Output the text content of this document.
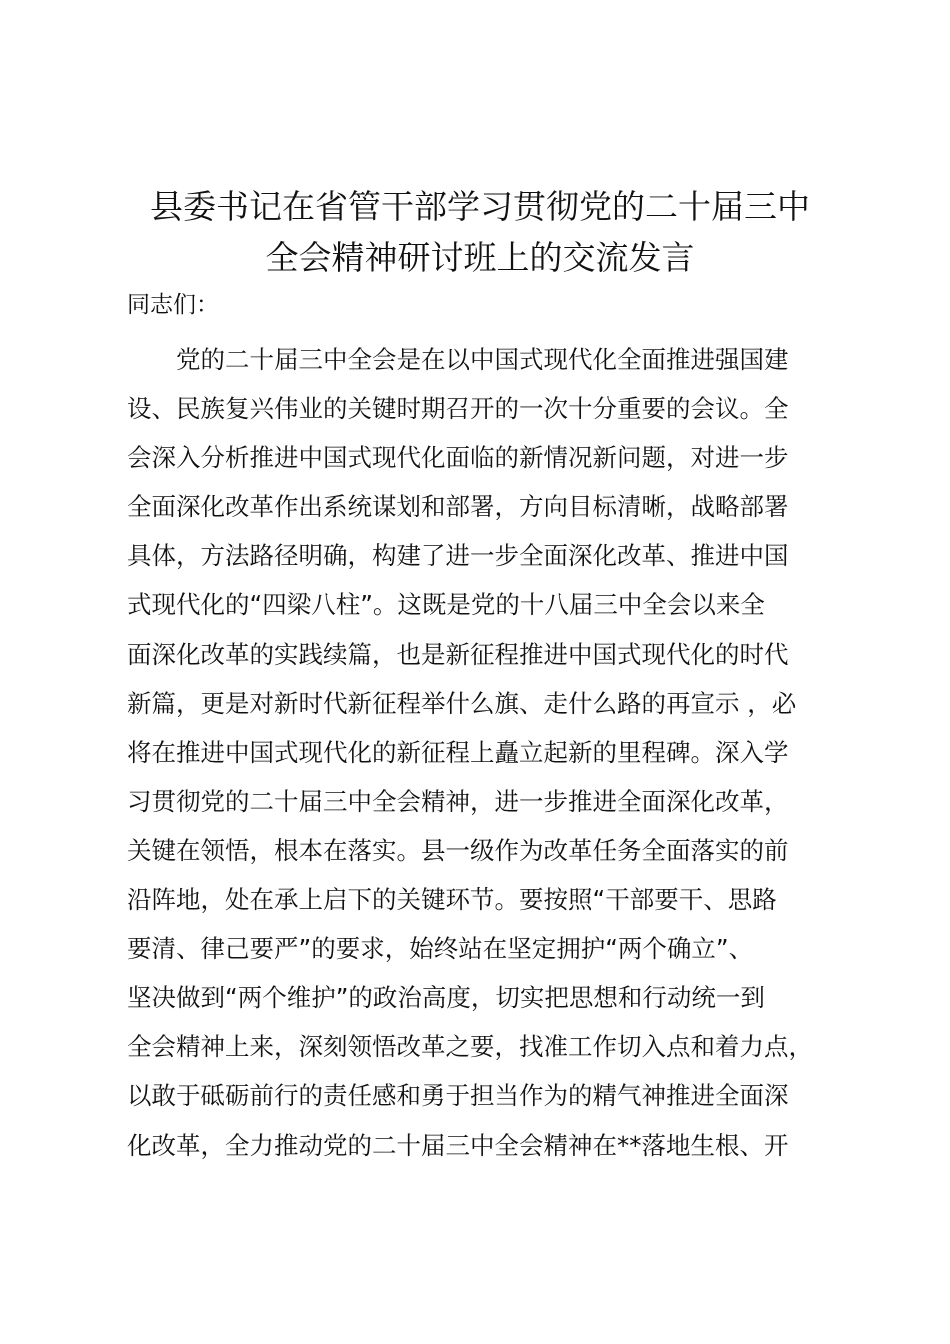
县委书记在省管干部学习贯彻党的二十届三中
全会精神研讨班上的交流发言
同志们：
党的二十届三中全会是在以中国式现代化全面推进强国建
设、民族复兴伟业的关键时期召开的一次十分重要的会议。全
会深入分析推进中国式现代化面临的新情况新问题，对进一步
全面深化改革作出系统谋划和部署，方向目标清晰，战略部署
具体，方法路径明确，构建了进一步全面深化改革、推进中国
式现代化的“四梁八柱”。这既是党的十八届三中全会以来全
面深化改革的实践续篇，也是新征程推进中国式现代化的时代
新篇，更是对新时代新征程举什么旗、走什么路的再宣示 ，必
将在推进中国式现代化的新征程上矗立起新的里程碑。深入学
习贯彻党的二十届三中全会精神，进一步推进全面深化改革，
关键在领悟，根本在落实。县一级作为改革任务全面落实的前
沿阵地，处在承上启下的关键环节。要按照“干部要干、思路
要清、律己要严”的要求，始终站在坚定拥护“两个确立”、
坚决做到“两个维护”的政治高度，切实把思想和行动统一到
全会精神上来，深刻领悟改革之要，找准工作切入点和着力点，
以敢于砥砺前行的责任感和勇于担当作为的精气神推进全面深
化改革，全力推动党的二十届三中全会精神在**落地生根、开
